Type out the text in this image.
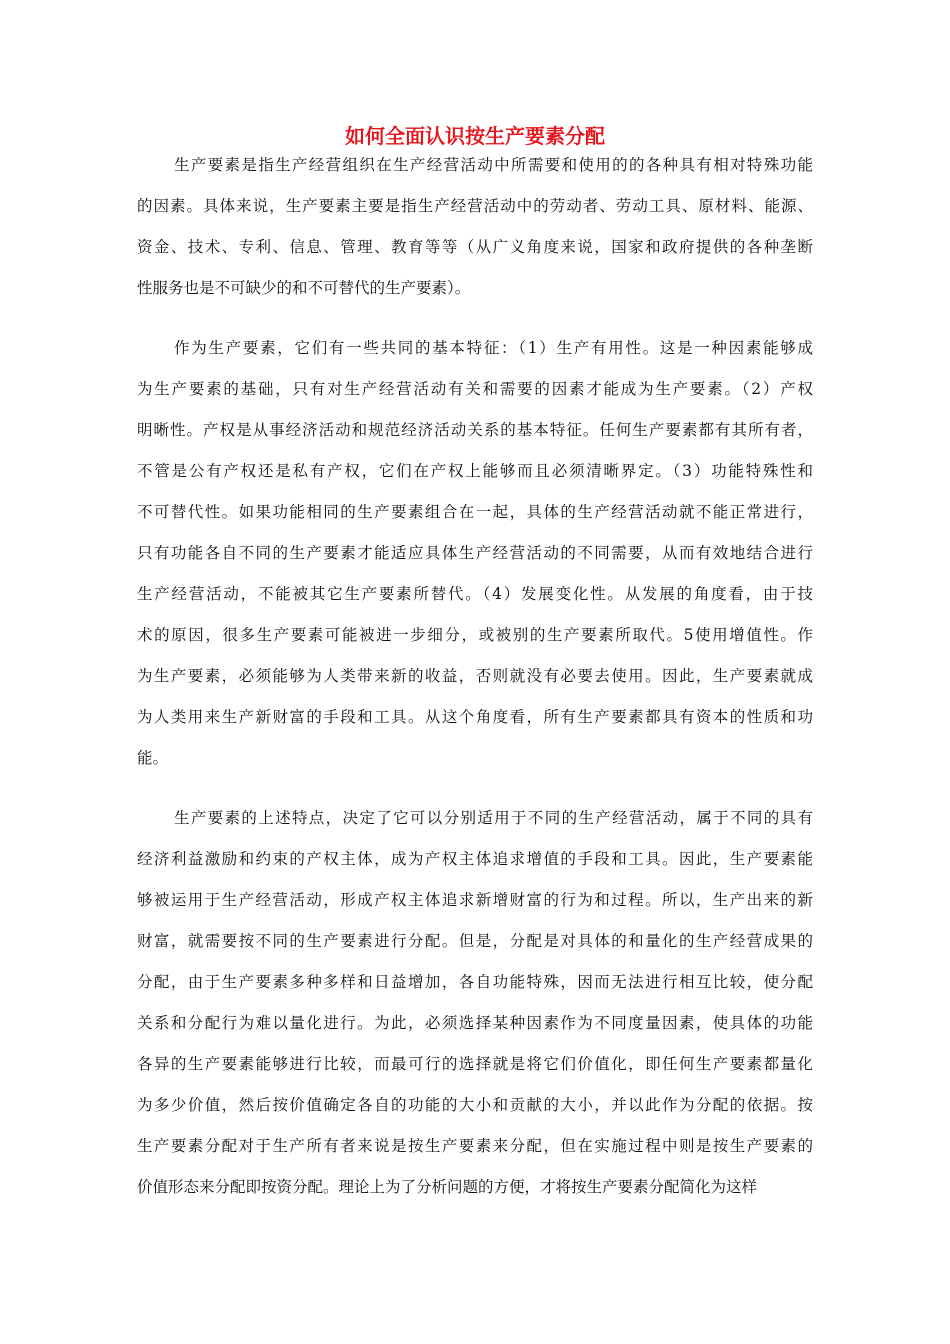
如何全面认识按生产要素分配
生产要素是指生产经营组织在生产经营活动中所需要和使用的的各种具有相对特殊功能
的因素。具体来说，生产要素主要是指生产经营活动中的劳动者、劳动工具、原材料、能源、
资金、技术、专利、信息、管理、教育等等（从广义角度来说，国家和政府提供的各种垄断
性服务也是不可缺少的和不可替代的生产要素）。
作为生产要素，它们有一些共同的基本特征：（1）生产有用性。这是一种因素能够成
为生产要素的基础，只有对生产经营活动有关和需要的因素才能成为生产要素。（2）产权
明晰性。产权是从事经济活动和规范经济活动关系的基本特征。任何生产要素都有其所有者，
不管是公有产权还是私有产权，它们在产权上能够而且必须清晰界定。（3）功能特殊性和
不可替代性。如果功能相同的生产要素组合在一起，具体的生产经营活动就不能正常进行，
只有功能各自不同的生产要素才能适应具体生产经营活动的不同需要，从而有效地结合进行
生产经营活动，不能被其它生产要素所替代。（4）发展变化性。从发展的角度看，由于技
术的原因，很多生产要素可能被进一步细分，或被别的生产要素所取代。5使用增值性。作
为生产要素，必须能够为人类带来新的收益，否则就没有必要去使用。因此，生产要素就成
为人类用来生产新财富的手段和工具。从这个角度看，所有生产要素都具有资本的性质和功
能。
生产要素的上述特点，决定了它可以分别适用于不同的生产经营活动，属于不同的具有
经济利益激励和约束的产权主体，成为产权主体追求增值的手段和工具。因此，生产要素能
够被运用于生产经营活动，形成产权主体追求新增财富的行为和过程。所以，生产出来的新
财富，就需要按不同的生产要素进行分配。但是，分配是对具体的和量化的生产经营成果的
分配，由于生产要素多种多样和日益增加，各自功能特殊，因而无法进行相互比较，使分配
关系和分配行为难以量化进行。为此，必须选择某种因素作为不同度量因素，使具体的功能
各异的生产要素能够进行比较，而最可行的选择就是将它们价值化，即任何生产要素都量化
为多少价值，然后按价值确定各自的功能的大小和贡献的大小，并以此作为分配的依据。按
生产要素分配对于生产所有者来说是按生产要素来分配，但在实施过程中则是按生产要素的
价值形态来分配即按资分配。理论上为了分析问题的方便，才将按生产要素分配简化为这样
